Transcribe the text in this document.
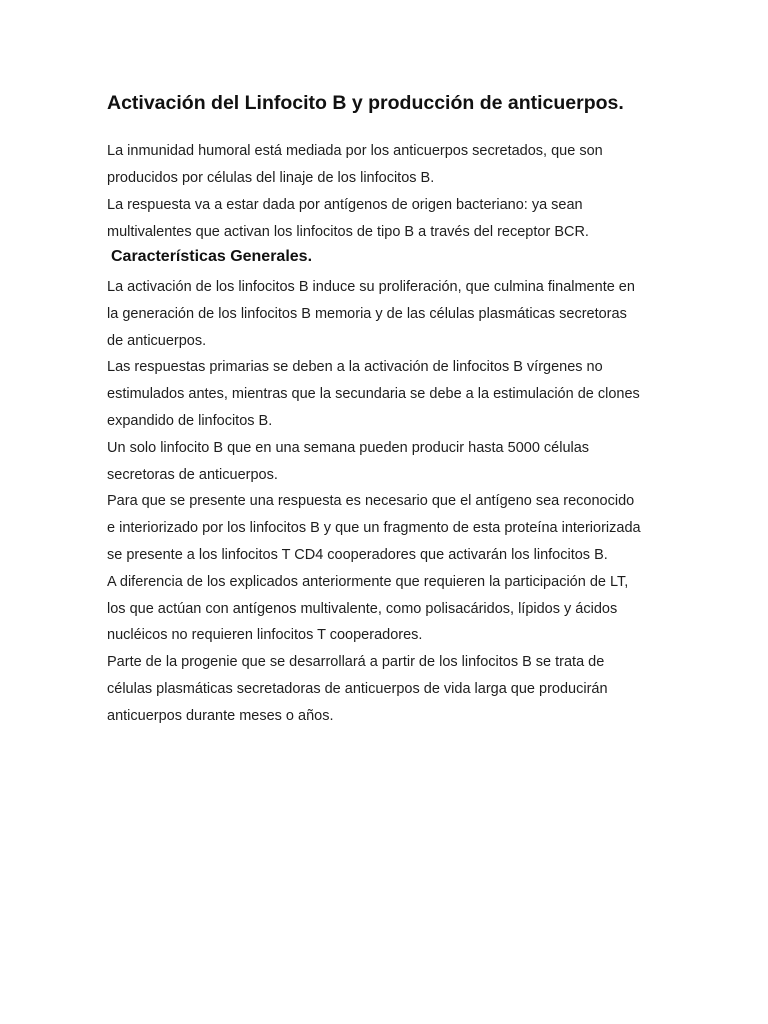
Activación del Linfocito B y producción de anticuerpos.
La inmunidad humoral está mediada por los anticuerpos secretados, que son
producidos por células del linaje de los linfocitos B.
La respuesta va a estar dada por antígenos de origen bacteriano: ya sean
multivalentes que activan los linfocitos de tipo B a través del receptor BCR.
Características Generales.
La activación de los linfocitos B induce su proliferación, que culmina finalmente en
la generación de los linfocitos B memoria y de las células plasmáticas secretoras
de anticuerpos.
Las respuestas primarias se deben a la activación de linfocitos B vírgenes no
estimulados antes, mientras que la secundaria se debe a la estimulación de clones
expandido de linfocitos B.
Un solo linfocito B que en una semana pueden producir hasta 5000 células
secretoras de anticuerpos.
Para que se presente una respuesta es necesario que el antígeno sea reconocido
e interiorizado por los linfocitos B y que un fragmento de esta proteína interiorizada
se presente a los linfocitos T CD4 cooperadores que activarán los linfocitos B.
A diferencia de los explicados anteriormente que requieren la participación de LT,
los que actúan con antígenos multivalente, como polisacáridos, lípidos y ácidos
nucléicos no requieren linfocitos T cooperadores.
Parte de la progenie que se desarrollará a partir de los linfocitos B se trata de
células plasmáticas secretadoras de anticuerpos de vida larga que producirán
anticuerpos durante meses o años.
